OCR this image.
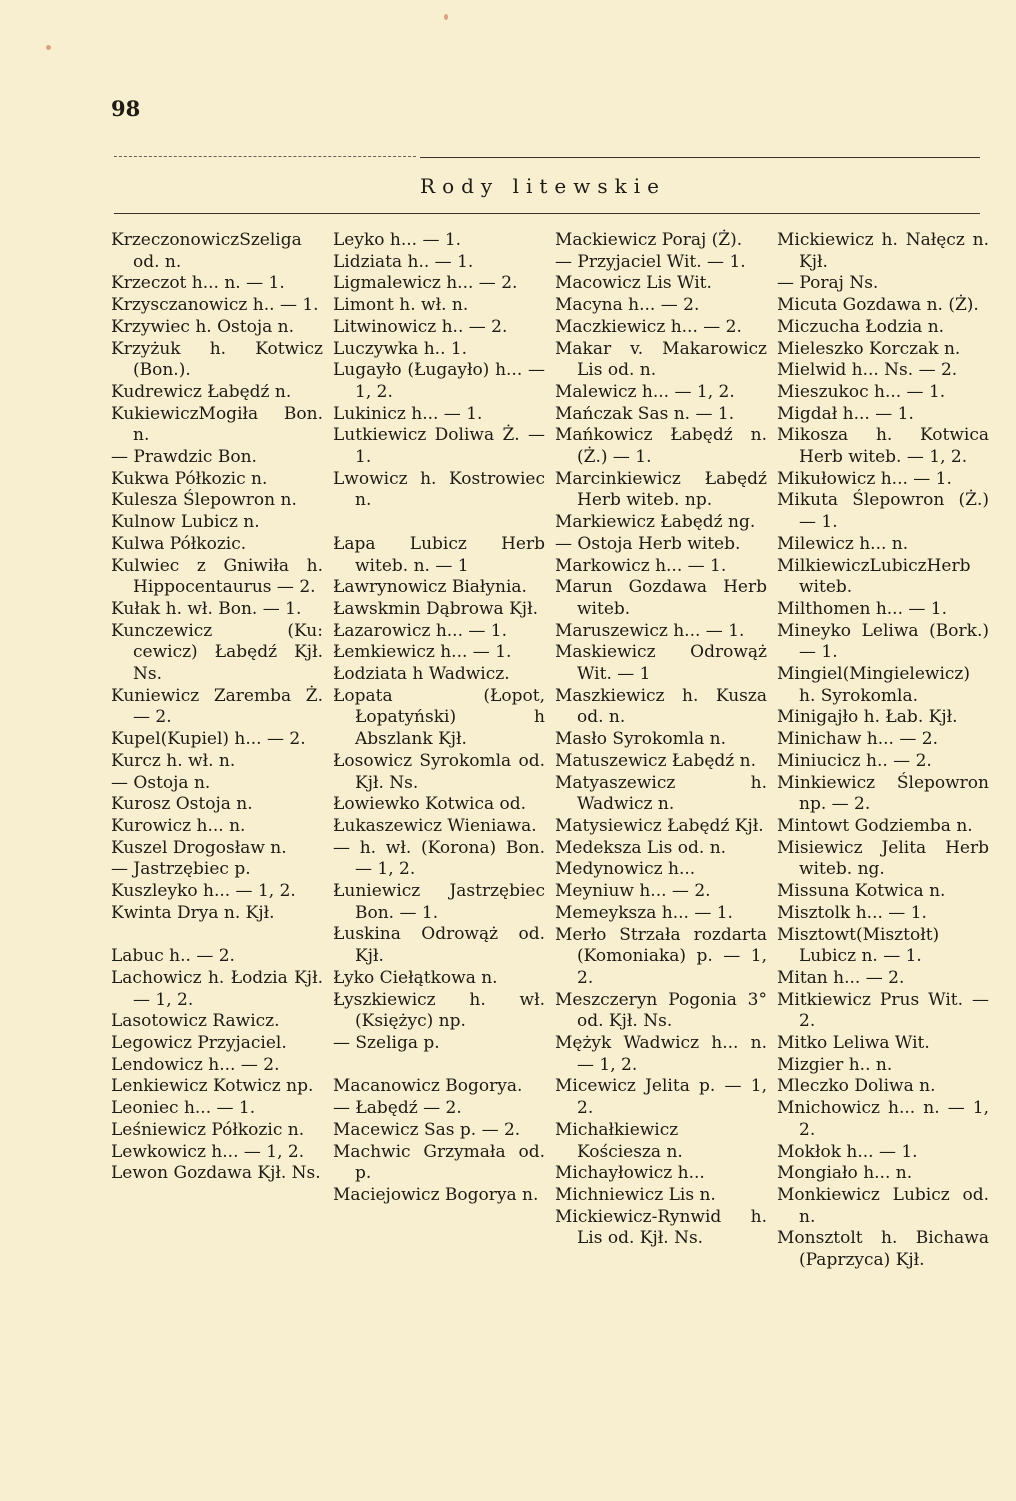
98
Rody litewskie
KrzeczonowiczSzeliga od. n.
Krzeczot h... n. — 1.
Krzysczanowicz h.. — 1.
Krzywiec h. Ostoja n.
Krzyżuk h. Kotwicz (Bon.).
Kudrewicz Łabędź n.
KukiewiczMogiła Bon. n.
— Prawdzic Bon.
Kukwa Półkozic n.
Kulesza Ślepowron n.
Kulnow Lubicz n.
Kulwa Półkozic.
Kulwiec z Gniwiła h. Hippocentaurus — 2.
Kułak h. wł. Bon. — 1.
Kunczewicz (Ku: cewicz) Łabędź Kjł. Ns.
Kuniewicz Zaremba Ż. — 2.
Kupel(Kupiel) h... — 2.
Kurcz h. wł. n.
— Ostoja n.
Kurosz Ostoja n.
Kurowicz h... n.
Kuszel Drogosław n.
— Jastrzębiec p.
Kuszleyko h... — 1, 2.
Kwinta Drya n. Kjł.
Labuc h.. — 2.
Lachowicz h. Łodzia Kjł. — 1, 2.
Lasotowicz Rawicz.
Legowicz Przyjaciel.
Lendowicz h... — 2.
Lenkiewicz Kotwicz np.
Leoniec h... — 1.
Leśniewicz Półkozic n.
Lewkowicz h... — 1, 2.
Lewon Gozdawa Kjł. Ns.
Leyko h... — 1.
Lidziata h.. — 1.
Ligmalewicz h... — 2.
Limont h. wł. n.
Litwinowicz h.. — 2.
Luczywka h.. 1.
Lugayło (Ługayło) h... — 1, 2.
Lukinicz h... — 1.
Lutkiewicz Doliwa Ż. — 1.
Lwowicz h. Kostrowiec n.
Łapa Lubicz Herb witeb. n. — 1
Ławrynowicz Białynia.
Ławskmin Dąbrowa Kjł.
Łazarowicz h... — 1.
Łemkiewicz h... — 1.
Łodziata h Wadwicz.
Łopata (Łopot, Łopatyński) h Abszlank Kjł.
Łosowicz Syrokomla od. Kjł. Ns.
Łowiewko Kotwica od.
Łukaszewicz Wieniawa.
— h. wł. (Korona) Bon. — 1, 2.
Łuniewicz Jastrzębiec Bon. — 1.
Łuskina Odrowąż od. Kjł.
Łyko Ciełątkowa n.
Łyszkiewicz h. wł. (Księżyc) np.
— Szeliga p.
Macanowicz Bogorya.
— Łabędź — 2.
Macewicz Sas p. — 2.
Machwic Grzymała od. p.
Maciejowicz Bogorya n.
Mackiewicz Poraj (Ż).
— Przyjaciel Wit. — 1.
Macowicz Lis Wit.
Macyna h... — 2.
Maczkiewicz h... — 2.
Makar v. Makarowicz Lis od. n.
Malewicz h... — 1, 2.
Mańczak Sas n. — 1.
Mańkowicz Łabędź n. (Ż.) — 1.
Marcinkiewicz Łabędź Herb witeb. np.
Markiewicz Łabędź ng.
— Ostoja Herb witeb.
Markowicz h... — 1.
Marun Gozdawa Herb witeb.
Maruszewicz h... — 1.
Maskiewicz Odrowąż Wit. — 1
Maszkiewicz h. Kusza od. n.
Masło Syrokomla n.
Matuszewicz Łabędź n.
Matyaszewicz h. Wadwicz n.
Matysiewicz Łabędź Kjł.
Medeksza Lis od. n.
Medynowicz h...
Meyniuw h... — 2.
Memeyksza h... — 1.
Merło Strzała rozdarta (Komoniaka) p. — 1, 2.
Meszczeryn Pogonia 3° od. Kjł. Ns.
Mężyk Wadwicz h... n. — 1, 2.
Micewicz Jelita p. — 1, 2.
Michałkiewicz Kościesza n.
Michayłowicz h...
Michniewicz Lis n.
Mickiewicz-Rynwid h. Lis od. Kjł. Ns.
Mickiewicz h. Nałęcz n. Kjł.
— Poraj Ns.
Micuta Gozdawa n. (Ż).
Miczucha Łodzia n.
Mieleszko Korczak n.
Mielwid h... Ns. — 2.
Mieszukoc h... — 1.
Migdał h... — 1.
Mikosza h. Kotwica Herb witeb. — 1, 2.
Mikułowicz h... — 1.
Mikuta Ślepowron (Ż.) — 1.
Milewicz h... n.
MilkiewiczLubiczHerb witeb.
Milthomen h... — 1.
Mineyko Leliwa (Bork.) — 1.
Mingiel(Mingielewicz) h. Syrokomla.
Minigajło h. Łab. Kjł.
Minichaw h... — 2.
Miniucicz h.. — 2.
Minkiewicz Ślepowron np. — 2.
Mintowt Godziemba n.
Misiewicz Jelita Herb witeb. ng.
Missuna Kotwica n.
Misztolk h... — 1.
Misztowt(Misztołt) Lubicz n. — 1.
Mitan h... — 2.
Mitkiewicz Prus Wit. — 2.
Mitko Leliwa Wit.
Mizgier h.. n.
Mleczko Doliwa n.
Mnichowicz h... n. — 1, 2.
Mokłok h... — 1.
Mongiało h... n.
Monkiewicz Lubicz od. n.
Monsztolt h. Bichawa (Paprzyca) Kjł.
